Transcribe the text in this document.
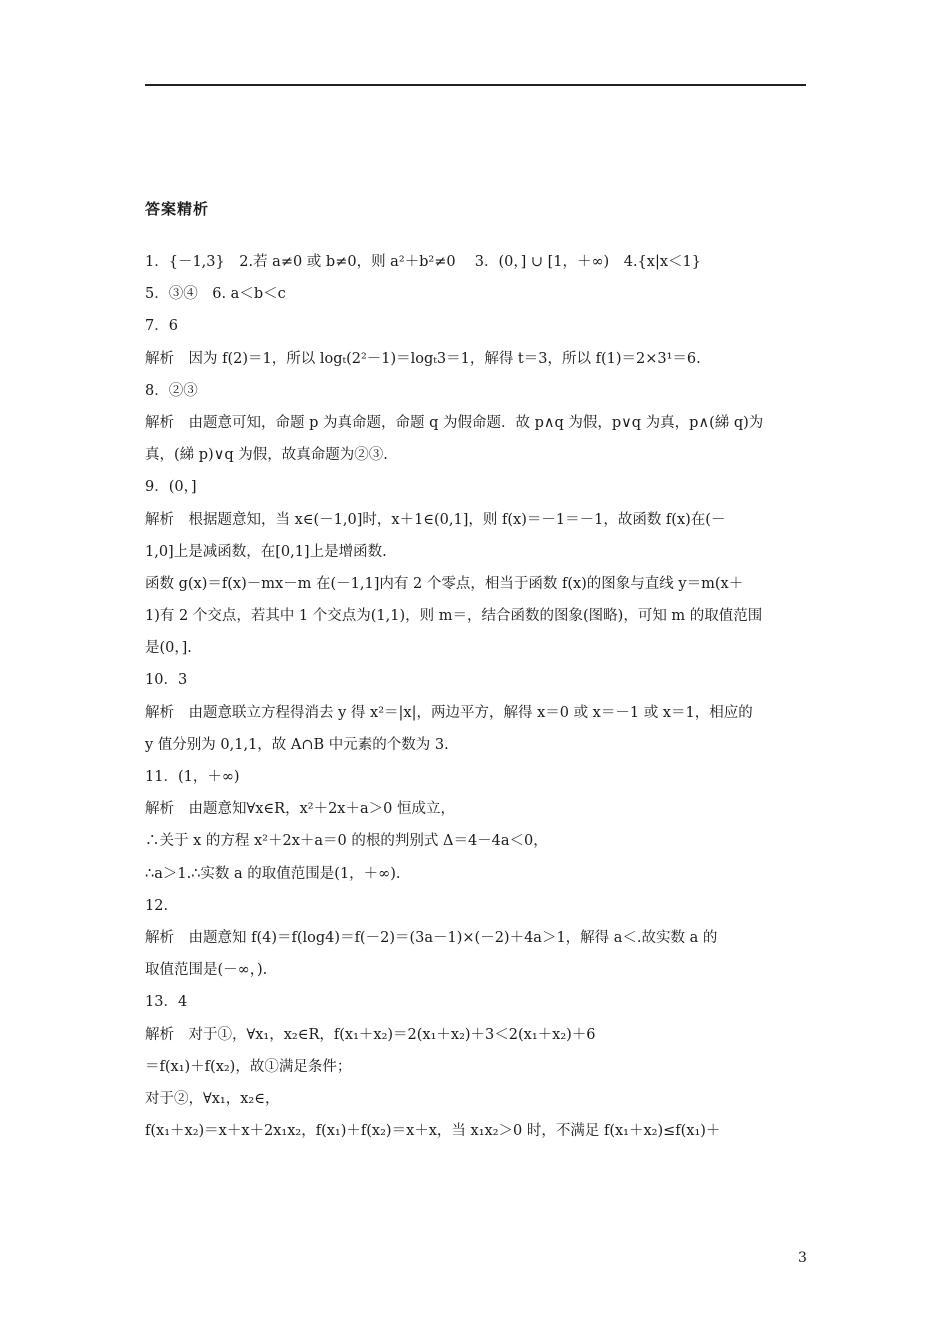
答案精析
1．{－1,3}　2.若 a≠0 或 b≠0，则 a²＋b²≠0　 3．(0，] ∪ [1，＋∞)　4.{x|x＜1}
5．③④　6. a＜b＜c
7．6
解析　因为 f(2)＝1，所以 logₜ(2²－1)＝logₜ3＝1，解得 t＝3，所以 f(1)＝2×3¹＝6.
8．②③
解析　由题意可知，命题 p 为真命题，命题 q 为假命题．故 p∧q 为假，p∨q 为真，p∧(綈 q)为
真，(綈 p)∨q 为假，故真命题为②③.
9．(0，]
解析　根据题意知，当 x∈(－1,0]时，x＋1∈(0,1]，则 f(x)＝－1＝－1，故函数 f(x)在(－
1,0]上是减函数，在[0,1]上是增函数.
函数 g(x)＝f(x)－mx－m 在(－1,1]内有 2 个零点，相当于函数 f(x)的图象与直线 y＝m(x＋
1)有 2 个交点，若其中 1 个交点为(1,1)，则 m＝，结合函数的图象(图略)，可知 m 的取值范围
是(0，].
10．3
解析　由题意联立方程得消去 y 得 x²＝|x|，两边平方，解得 x＝0 或 x＝－1 或 x＝1，相应的
y 值分别为 0,1,1，故 A∩B 中元素的个数为 3.
11．(1，＋∞)
解析　由题意知∀x∈R，x²＋2x＋a＞0 恒成立，
∴关于 x 的方程 x²＋2x＋a＝0 的根的判别式 Δ＝4－4a＜0，
∴a＞1.∴实数 a 的取值范围是(1，＋∞).
12.
解析　由题意知 f(4)＝f(log4)＝f(－2)＝(3a－1)×(－2)＋4a＞1，解得 a＜.故实数 a 的
取值范围是(－∞，).
13．4
解析　对于①，∀x₁，x₂∈R，f(x₁＋x₂)＝2(x₁＋x₂)＋3＜2(x₁＋x₂)＋6
＝f(x₁)＋f(x₂)，故①满足条件；
对于②，∀x₁，x₂∈，
f(x₁＋x₂)＝x＋x＋2x₁x₂，f(x₁)＋f(x₂)＝x＋x，当 x₁x₂＞0 时，不满足 f(x₁＋x₂)≤f(x₁)＋
3
